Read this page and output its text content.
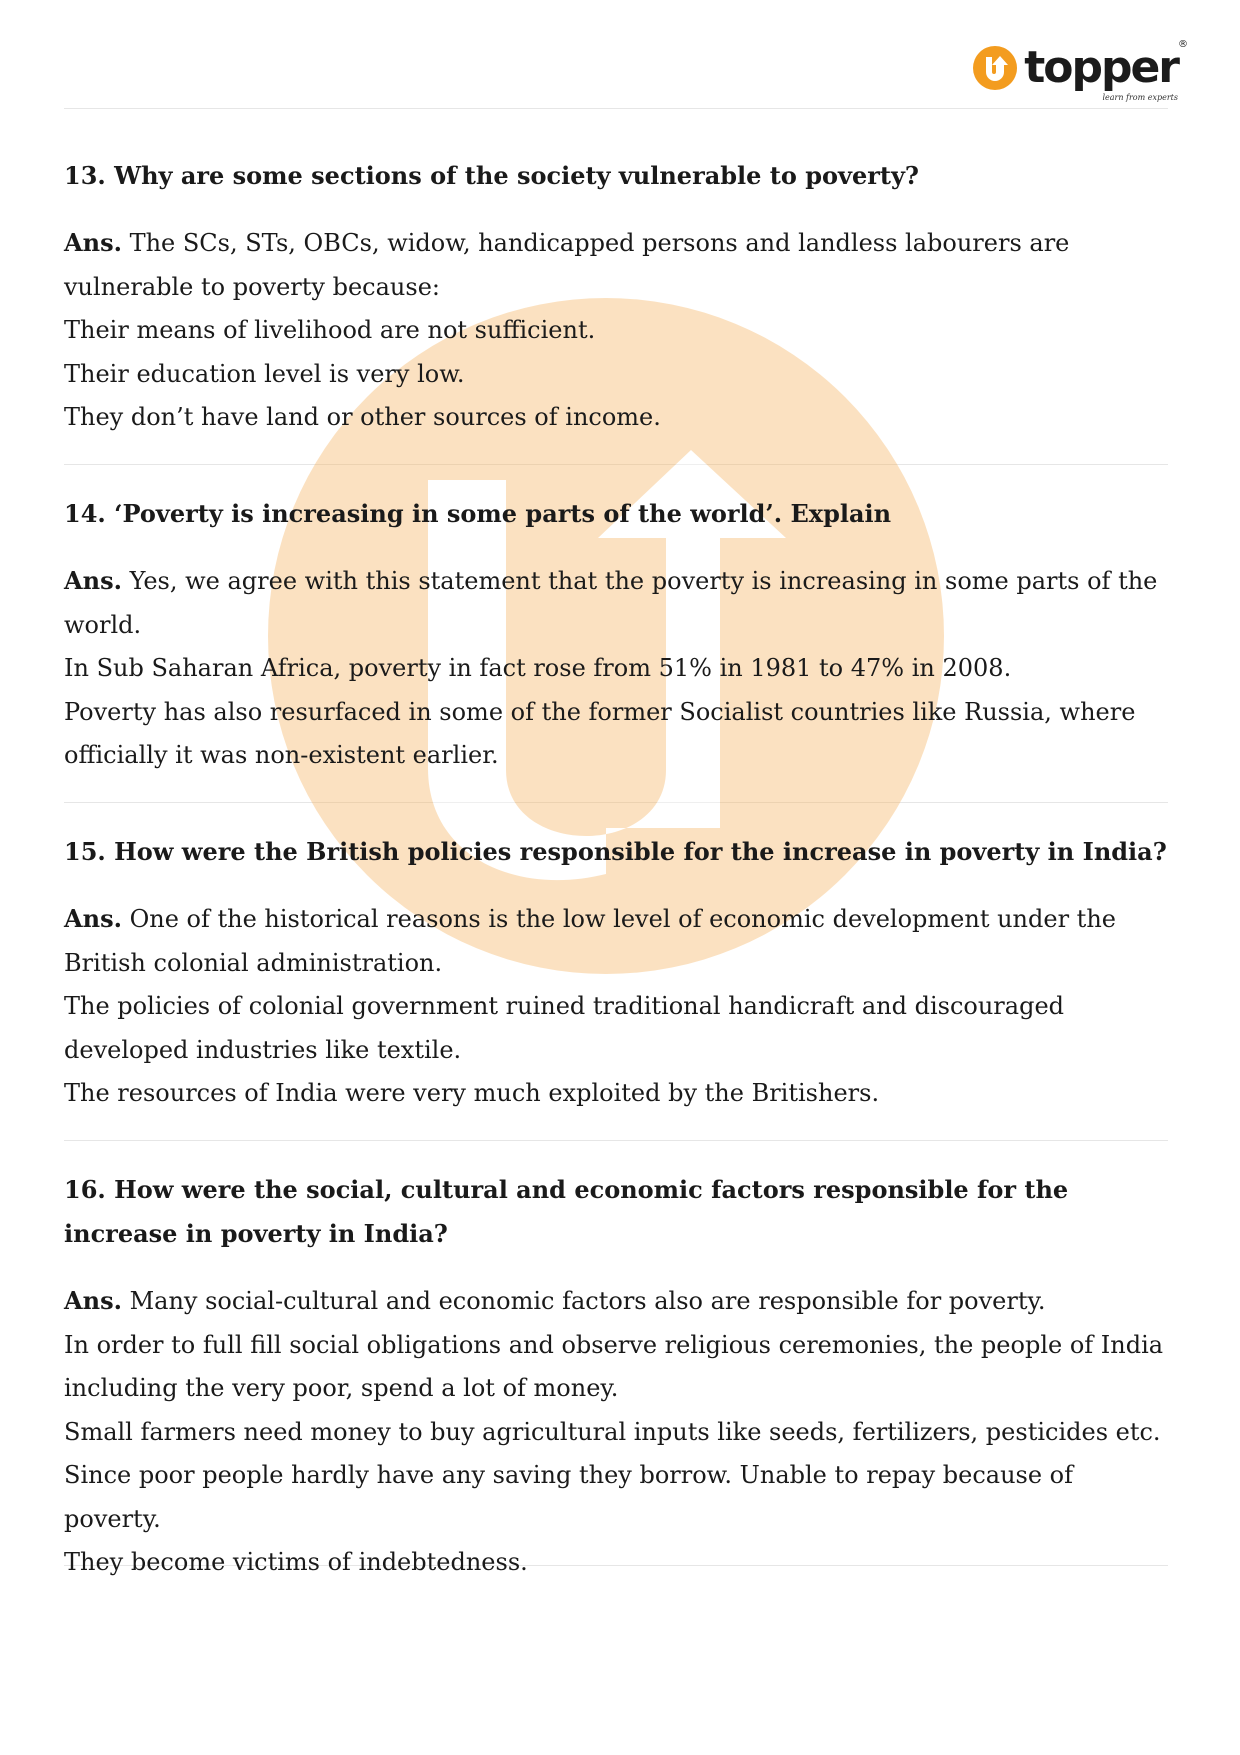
topper ®
learn from experts

13. Why are some sections of the society vulnerable to poverty?

Ans. The SCs, STs, OBCs, widow, handicapped persons and landless labourers are vulnerable to poverty because:

Their means of livelihood are not sufficient.

Their education level is very low.

They don’t have land or other sources of income.

14. ‘Poverty is increasing in some parts of the world’. Explain

Ans. Yes, we agree with this statement that the poverty is increasing in some parts of the world.

In Sub Saharan Africa, poverty in fact rose from 51% in 1981 to 47% in 2008.

Poverty has also resurfaced in some of the former Socialist countries like Russia, where officially it was non-existent earlier.

15. How were the British policies responsible for the increase in poverty in India?

Ans. One of the historical reasons is the low level of economic development under the British colonial administration.

The policies of colonial government ruined traditional handicraft and discouraged developed industries like textile.

The resources of India were very much exploited by the Britishers.

16. How were the social, cultural and economic factors responsible for the increase in poverty in India?

Ans. Many social-cultural and economic factors also are responsible for poverty.

In order to full fill social obligations and observe religious ceremonies, the people of India including the very poor, spend a lot of money.

Small farmers need money to buy agricultural inputs like seeds, fertilizers, pesticides etc.

Since poor people hardly have any saving they borrow. Unable to repay because of poverty.

They become victims of indebtedness.
